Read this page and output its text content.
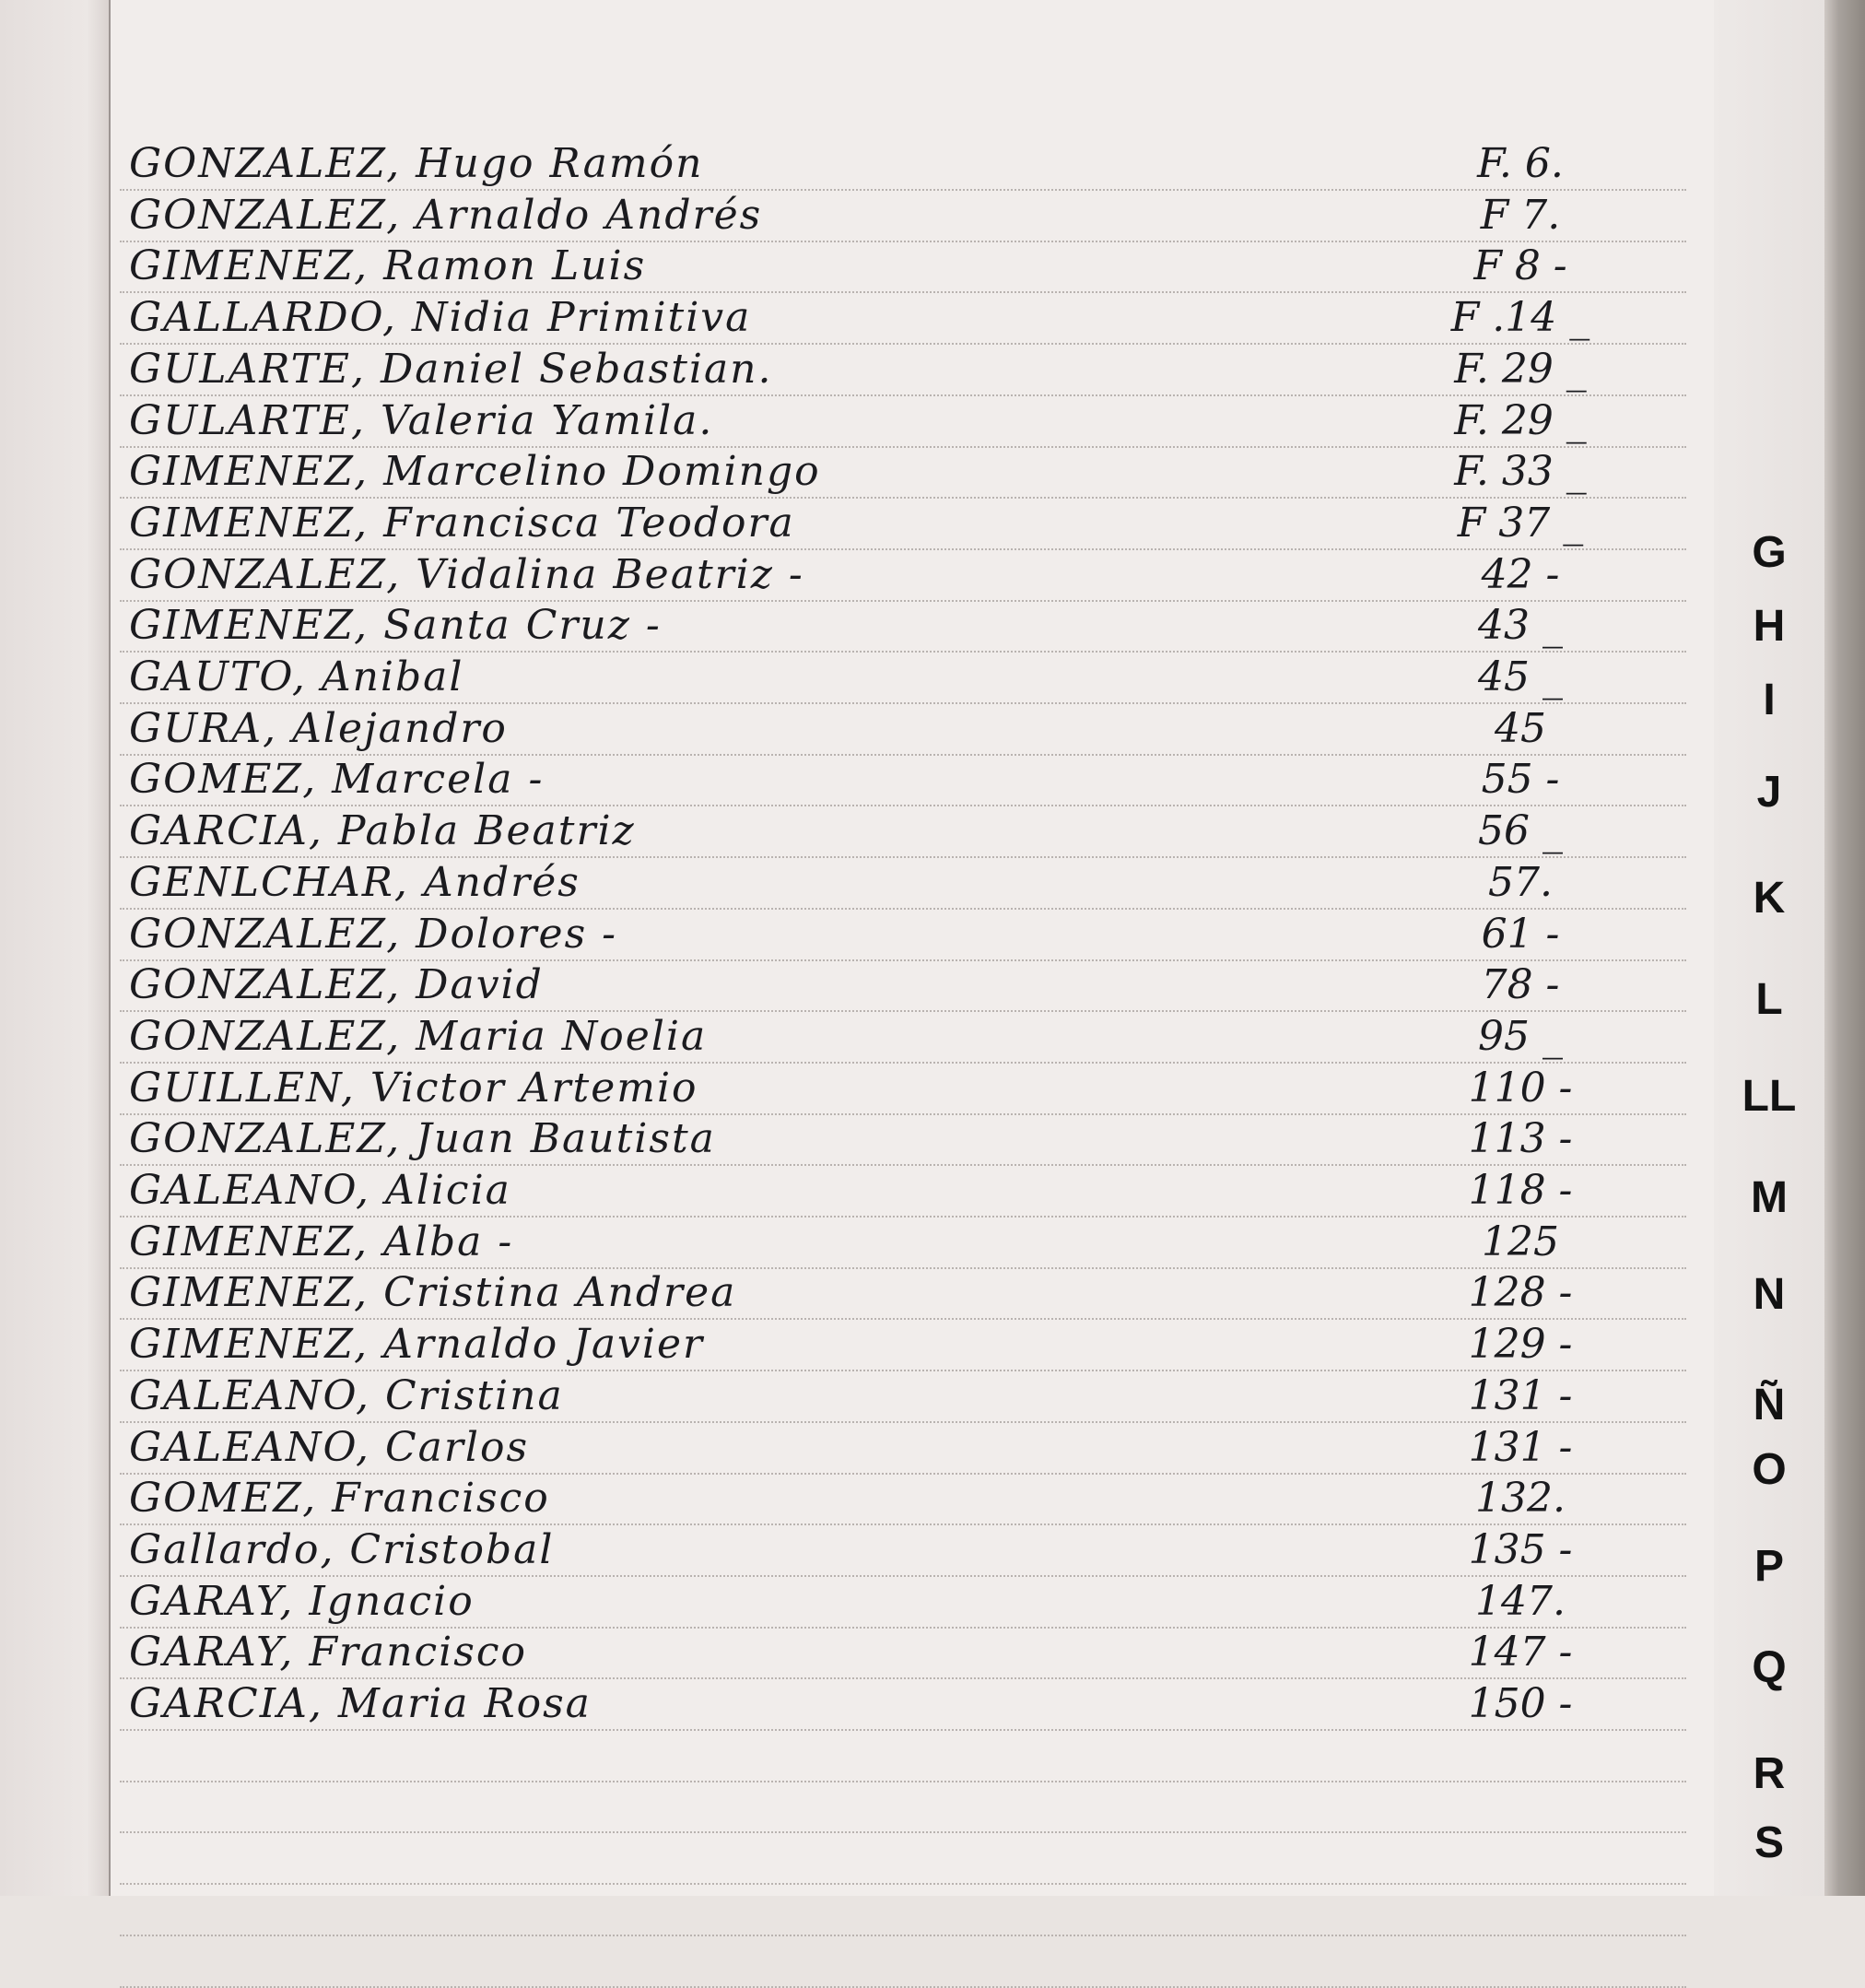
GONZALEZ, Hugo Ramón	F. 6.
GONZALEZ, Arnaldo Andrés	F 7.
GIMENEZ, Ramon Luis	F 8 -
GALLARDO, Nidia Primitiva	F .14 _
GULARTE, Daniel Sebastian.	F. 29 _
GULARTE, Valeria Yamila.	F. 29 _
GIMENEZ, Marcelino Domingo	F. 33 _
GIMENEZ, Francisca Teodora	F 37 _
GONZALEZ, Vidalina Beatriz -	42 -
GIMENEZ, Santa Cruz -	43 _
GAUTO, Anibal	45 _
GURA, Alejandro	45
GOMEZ, Marcela -	55 -
GARCIA, Pabla Beatriz	56 _
GENLCHAR, Andrés	57.
GONZALEZ, Dolores -	61 -
GONZALEZ, David	78 -
GONZALEZ, Maria Noelia	95 _
GUILLEN, Victor Artemio	110 -
GONZALEZ, Juan Bautista	113 -
GALEANO, Alicia	118 -
GIMENEZ, Alba -	125
GIMENEZ, Cristina Andrea	128 -
GIMENEZ, Arnaldo Javier	129 -
GALEANO, Cristina	131 -
GALEANO, Carlos	131 -
GOMEZ, Francisco	132.
Gallardo, Cristobal	135 -
GARAY, Ignacio	147.
GARAY, Francisco	147 -
GARCIA, Maria Rosa	150 -
G
H
I
J
K
L
LL
M
N
Ñ
O
P
Q
R
S
